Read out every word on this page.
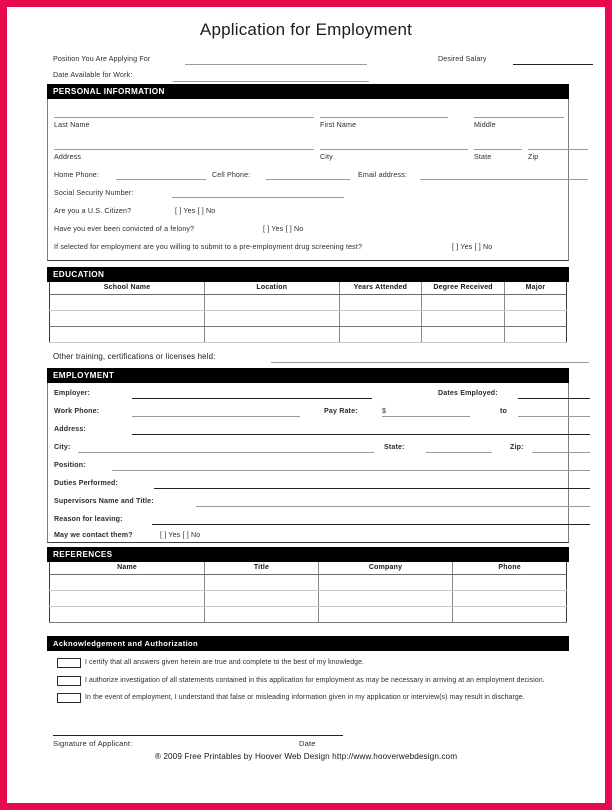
Application for Employment
Position You Are Applying For	Desired Salary
Date Available for Work:
PERSONAL INFORMATION
Last Name	First Name	Middle
Address	City	State	Zip
Home Phone:	Cell Phone:	Email address:
Social Security Number:
Are you a U.S. Citizen?	[ ] Yes [ ] No
Have you ever been convicted of a felony?	[ ] Yes [ ] No
If selected for employment are you willing to submit to a pre-employment drug screening test?	[ ] Yes [ ] No
EDUCATION
School Name	Location	Years Attended	Degree Received	Major

Other training, certifications or licenses held:
EMPLOYMENT
Employer:	Dates Employed:
Work Phone:	Pay Rate:	$	to
Address:
City:	State:	Zip:
Position:
Duties Performed:
Supervisors Name and Title:
Reason for leaving:
May we contact them?	[ ] Yes [ ] No
REFERENCES
Name	Title	Company	Phone

Acknowledgement and Authorization
I certify that all answers given herein are true and complete to the best of my knowledge.
I authorize investigation of all statements contained in this application for employment as may be necessary in arriving at an employment decision.
In the event of employment, I understand that false or misleading information given in my application or interview(s) may result in discharge.
Signature of Applicant:	Date
® 2009 Free Printables by Hoover Web Design http://www.hooverwebdesign.com
